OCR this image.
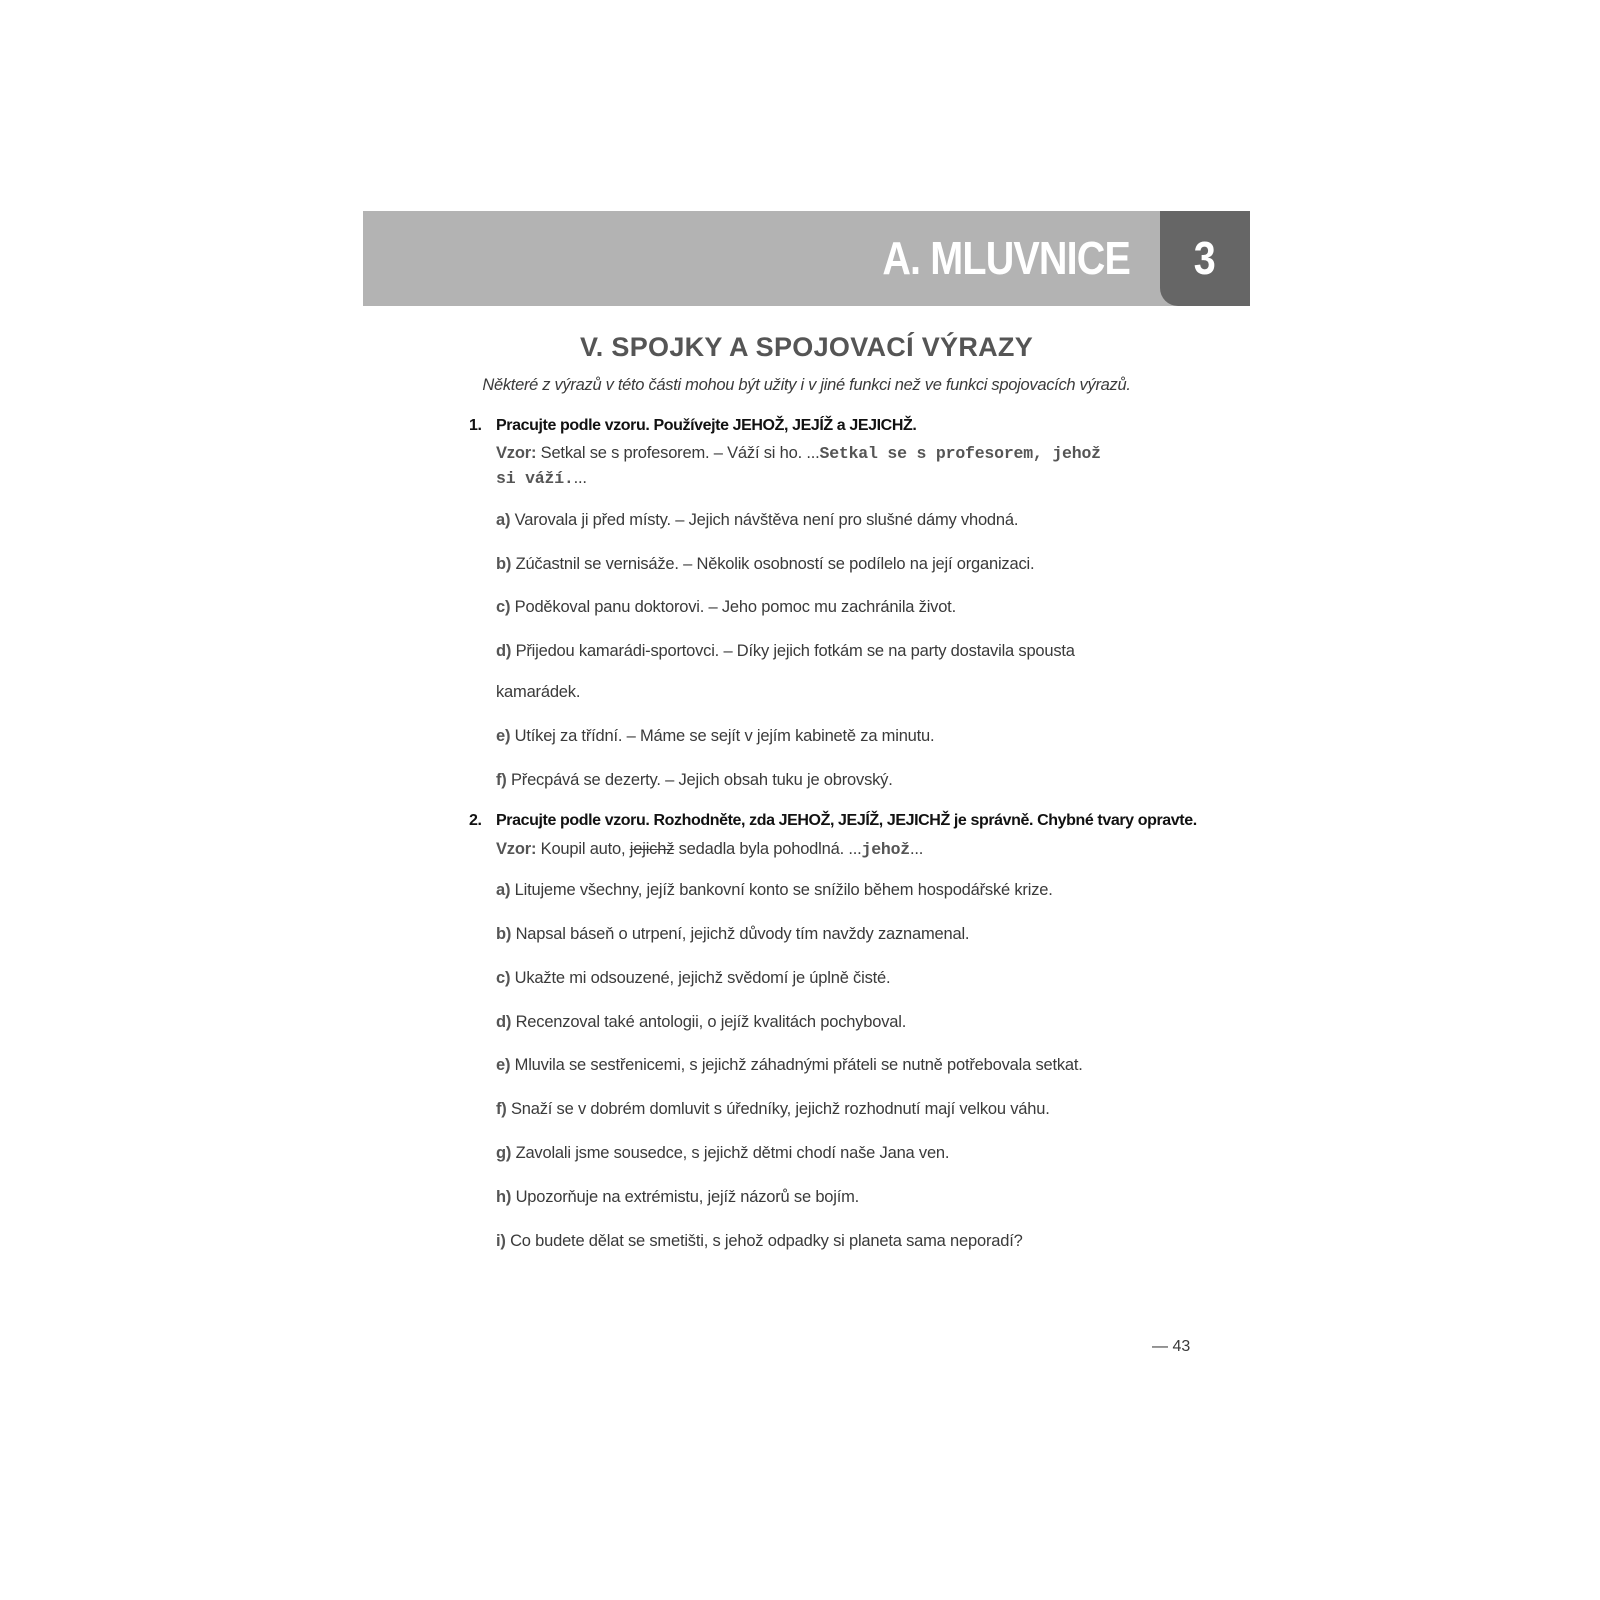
A. MLUVNICE	3
V. SPOJKY A SPOJOVACÍ VÝRAZY
Některé z výrazů v této části mohou být užity i v jiné funkci než ve funkci spojovacích výrazů.
1. Pracujte podle vzoru. Používejte JEHOŽ, JEJÍŽ a JEJICHŽ.
Vzor: Setkal se s profesorem. – Váží si ho. ...Setkal se s profesorem, jehož
si váží....
a) Varovala ji před místy. – Jejich návštěva není pro slušné dámy vhodná.
b) Zúčastnil se vernisáže. – Několik osobností se podílelo na její organizaci.
c) Poděkoval panu doktorovi. – Jeho pomoc mu zachránila život.
d) Přijedou kamarádi-sportovci. – Díky jejich fotkám se na party dostavila spousta
kamarádek.
e) Utíkej za třídní. – Máme se sejít v jejím kabinetě za minutu.
f) Přecpává se dezerty. – Jejich obsah tuku je obrovský.
2. Pracujte podle vzoru. Rozhodněte, zda JEHOŽ, JEJÍŽ, JEJICHŽ je správně. Chybné tvary opravte.
Vzor: Koupil auto, jejichž sedadla byla pohodlná. ...jehož...
a) Litujeme všechny, jejíž bankovní konto se snížilo během hospodářské krize.
b) Napsal báseň o utrpení, jejichž důvody tím navždy zaznamenal.
c) Ukažte mi odsouzené, jejichž svědomí je úplně čisté.
d) Recenzoval také antologii, o jejíž kvalitách pochyboval.
e) Mluvila se sestřenicemi, s jejichž záhadnými přáteli se nutně potřebovala setkat.
f) Snaží se v dobrém domluvit s úředníky, jejichž rozhodnutí mají velkou váhu.
g) Zavolali jsme sousedce, s jejichž dětmi chodí naše Jana ven.
h) Upozorňuje na extrémistu, jejíž názorů se bojím.
i) Co budete dělat se smetišti, s jehož odpadky si planeta sama neporadí?
— 43
